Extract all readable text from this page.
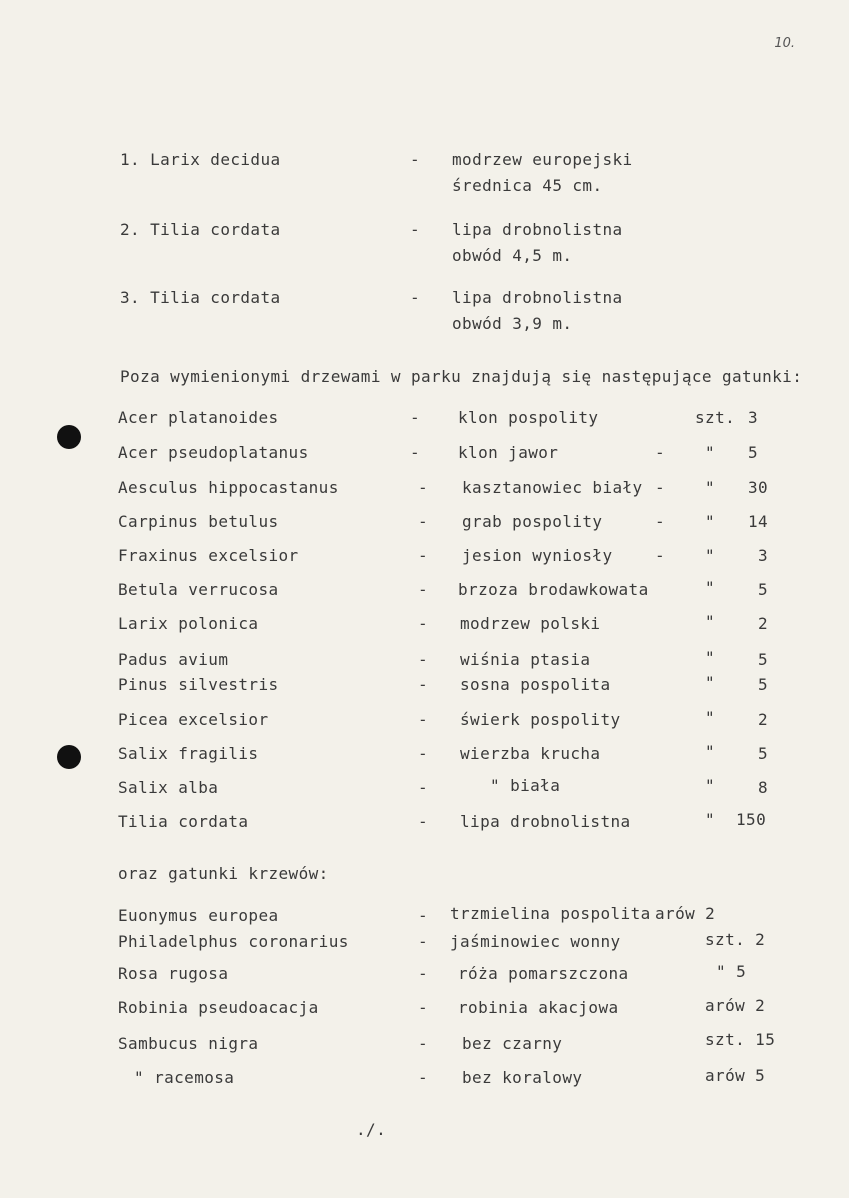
10.
1. Larix decidua	- modrzew europejski
średnica 45 cm.
2. Tilia cordata	- lipa drobnolistna
obwód 4,5 m.
3. Tilia cordata	- lipa drobnolistna
obwód 3,9 m.
Poza wymienionymi drzewami w parku znajdują się następujące gatunki:
Acer platanoides	- klon pospolity	szt. 3
Acer pseudoplatanus	- klon jawor	- " 5
Aesculus hippocastanus	- kasztanowiec biały - " 30
Carpinus betulus	- grab pospolity	- " 14
Fraxinus excelsior	- jesion wyniosły	- "	3
Betula verrucosa	- brzoza brodawkowata	"	5
Larix polonica	- modrzew polski	"	2
Padus avium	- wiśnia ptasia	"	5
Pinus silvestris	- sosna pospolita	"	5
Picea excelsior	- świerk pospolity	"	2
Salix fragilis	- wierzba krucha	"	5
Salix alba	-	" biała	"	8
Tilia cordata	- lipa drobnolistna	" 150
oraz gatunki krzewów:
Euonymus europea	- trzmielina pospolita arów 2
Philadelphus coronarius	- jaśminowiec wonny	szt. 2
Rosa rugosa	- róża pomarszczona	" 5
Robinia pseudoacacja	- robinia akacjowa	arów 2
Sambucus nigra	- bez czarny	szt. 15
" racemosa	- bez koralowy	arów 5
./.
